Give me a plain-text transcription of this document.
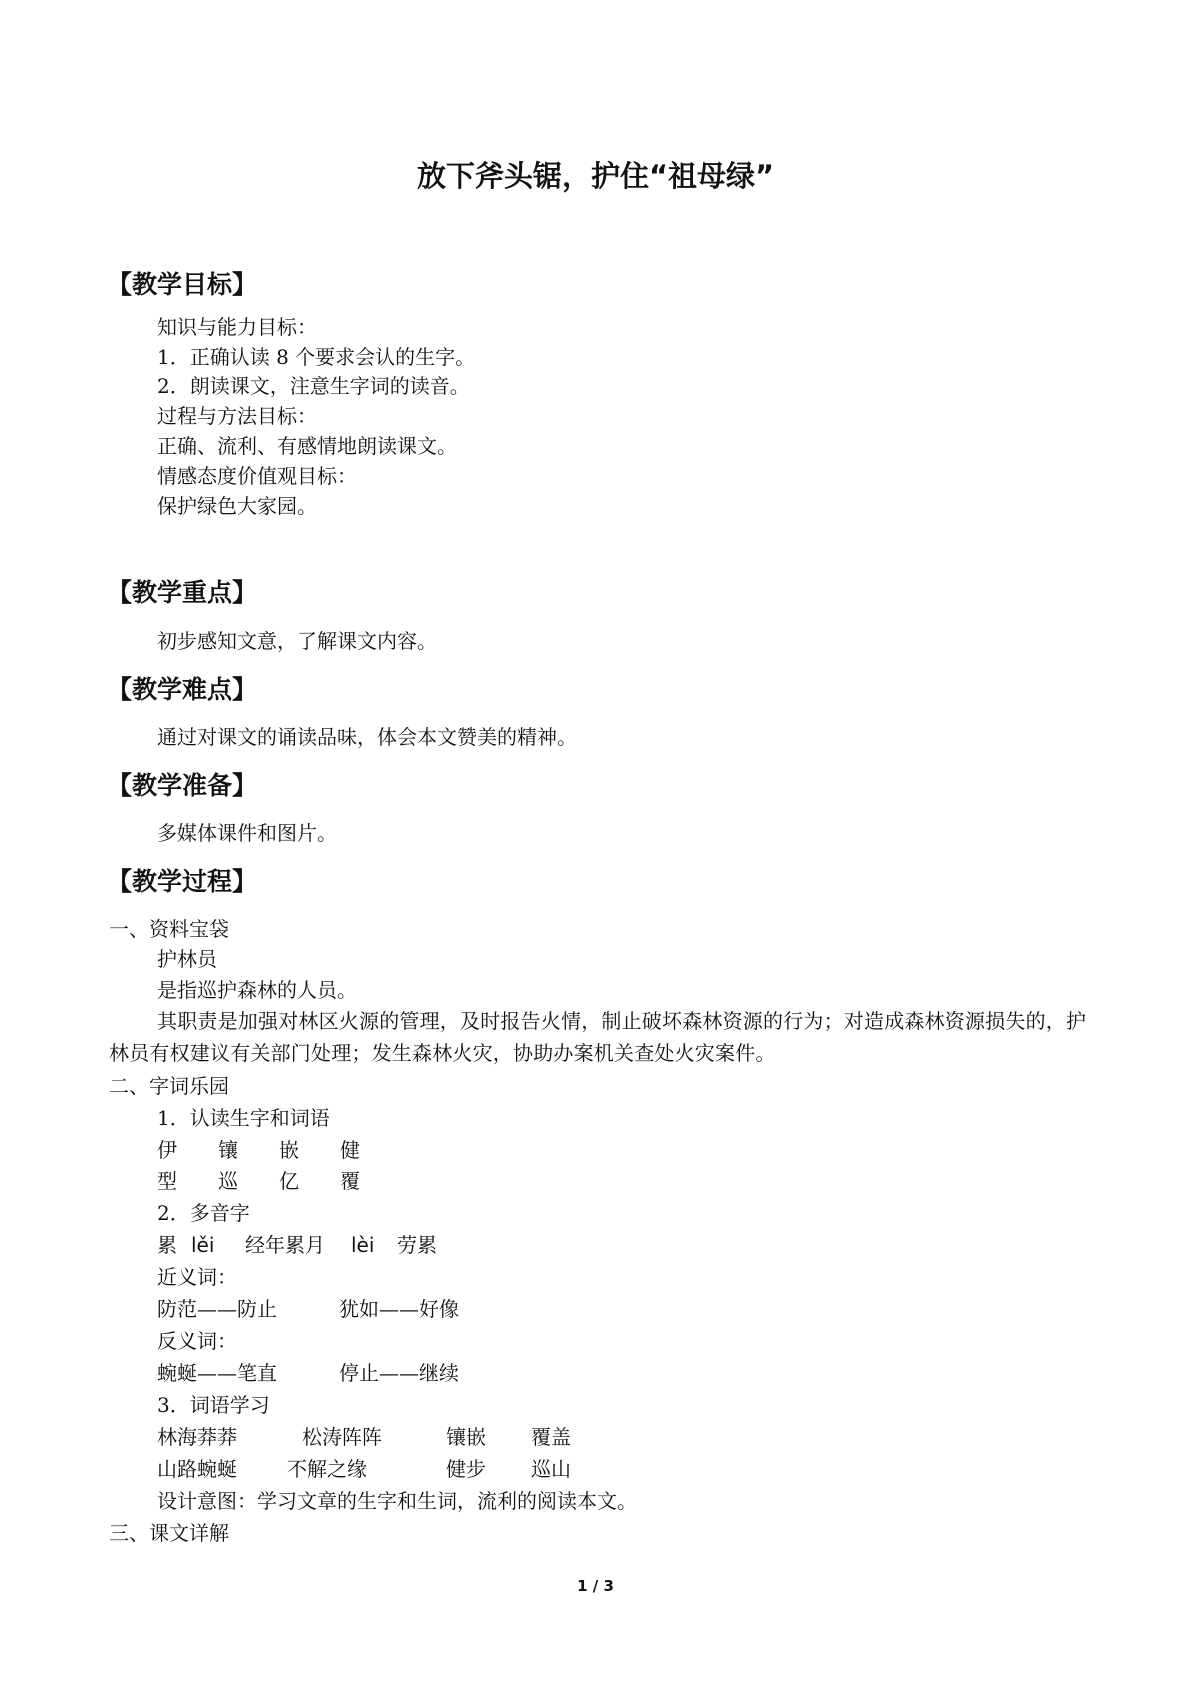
放下斧头锯，护住“祖母绿”
【教学目标】

知识与能力目标：

1．正确认读 8 个要求会认的生字。

2．朗读课文，注意生字词的读音。

过程与方法目标：

正确、流利、有感情地朗读课文。

情感态度价值观目标：

保护绿色大家园。

【教学重点】

初步感知文意，了解课文内容。

【教学难点】

通过对课文的诵读品味，体会本文赞美的精神。

【教学准备】

多媒体课件和图片。

【教学过程】

一、资料宝袋

护林员

是指巡护森林的人员。

其职责是加强对林区火源的管理，及时报告火情，制止破坏森林资源的行为；对造成森林资源损失的，护林员有权建议有关部门处理；发生森林火灾，协助办案机关查处火灾案件。

二、字词乐园

1．认读生字和词语

伊 镶 嵌 健
型 巡 亿 覆

2．多音字

累 lěi 经年累月 lèi 劳累

近义词：

防范——防止	犹如——好像

反义词：

蜿蜒——笔直	停止——继续

3．词语学习

林海莽莽	松涛阵阵	镶嵌 覆盖
山路蜿蜒	不解之缘	健步 巡山

设计意图：学习文章的生字和生词，流利的阅读本文。

三、课文详解

1 / 3
